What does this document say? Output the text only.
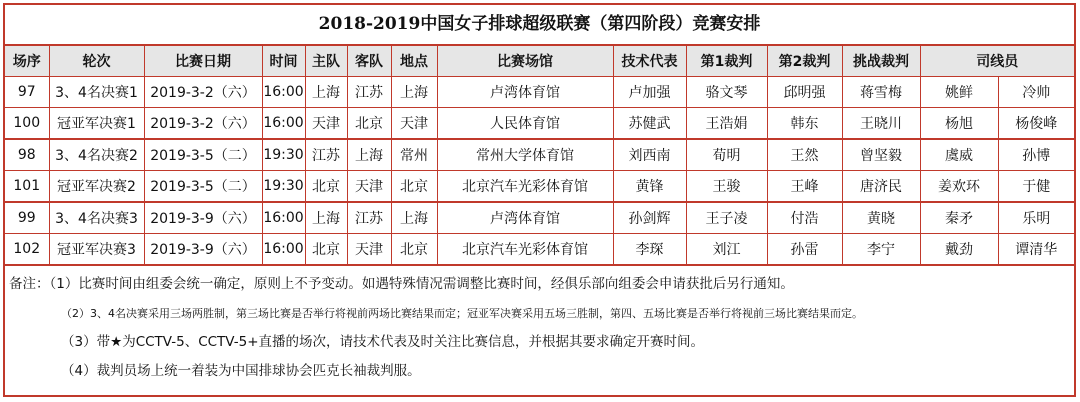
2018-2019中国女子排球超级联赛（第四阶段）竞赛安排
场序	轮次	比赛日期	时间	主队	客队	地点	比赛场馆	技术代表	第1裁判	第2裁判	挑战裁判	司线员	
97	3、4名决赛1	2019-3-2（六）	16:00	上海	江苏	上海	卢湾体育馆	卢加强	骆文琴	邱明强	蒋雪梅	姚鲜	冷帅
100	冠亚军决赛1	2019-3-2（六）	16:00	天津	北京	天津	人民体育馆	苏健武	王浩娟	韩东	王晓川	杨旭	杨俊峰
98	3、4名决赛2	2019-3-5（二）	19:30	江苏	上海	常州	常州大学体育馆	刘西南	荀明	王然	曾坚毅	虞威	孙博
101	冠亚军决赛2	2019-3-5（二）	19:30	北京	天津	北京	北京汽车光彩体育馆	黄锋	王骏	王峰	唐济民	姜欢环	于健
99	3、4名决赛3	2019-3-9（六）	16:00	上海	江苏	上海	卢湾体育馆	孙剑辉	王子凌	付浩	黄晓	秦矛	乐明
102	冠亚军决赛3	2019-3-9（六）	16:00	北京	天津	北京	北京汽车光彩体育馆	李琛	刘江	孙雷	李宁	戴劲	谭清华
备注：（1）比赛时间由组委会统一确定，原则上不予变动。如遇特殊情况需调整比赛时间，经俱乐部向组委会申请获批后另行通知。
（2）3、4名决赛采用三场两胜制，第三场比赛是否举行将视前两场比赛结果而定；冠亚军决赛采用五场三胜制，第四、五场比赛是否举行将视前三场比赛结果而定。
（3）带★为CCTV-5、CCTV-5+直播的场次，请技术代表及时关注比赛信息，并根据其要求确定开赛时间。
（4）裁判员场上统一着装为中国排球协会匹克长袖裁判服。
